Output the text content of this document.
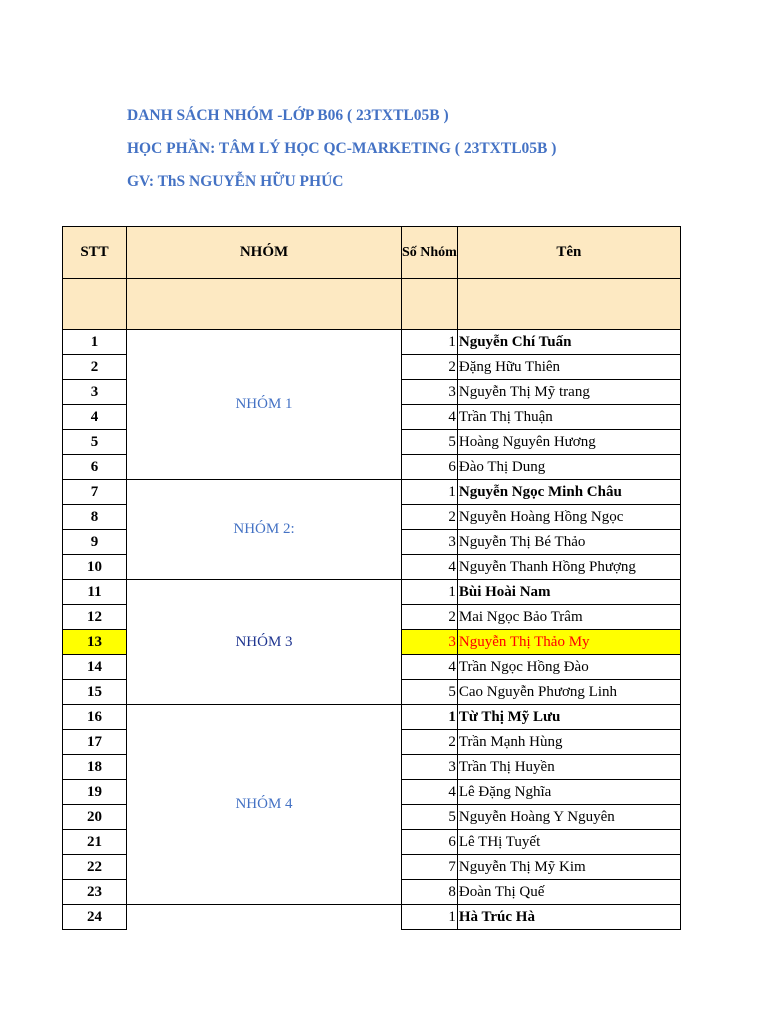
DANH SÁCH NHÓM -LỚP B06 ( 23TXTL05B )
HỌC PHẦN: TÂM LÝ HỌC QC-MARKETING ( 23TXTL05B )
GV: ThS NGUYỄN HỮU PHÚC
STT	NHÓM	Số Nhóm	Tên

1	NHÓM 1	1	Nguyễn Chí Tuấn
2		2	Đặng Hữu Thiên
3		3	Nguyễn Thị Mỹ trang
4		4	Trần Thị Thuận
5		5	Hoàng Nguyên Hương
6		6	Đào Thị Dung
7	NHÓM 2:	1	Nguyễn Ngọc Minh Châu
8		2	Nguyễn Hoàng Hồng Ngọc
9		3	Nguyễn Thị Bé Thảo
10		4	Nguyễn Thanh Hồng Phượng
11	NHÓM 3	1	Bùi Hoài Nam
12		2	Mai Ngọc Bảo Trâm
13		3	Nguyễn Thị Thảo My
14		4	Trần Ngọc Hồng Đào
15		5	Cao Nguyễn Phương Linh
16	NHÓM 4	1	Từ Thị Mỹ Lưu
17		2	Trần Mạnh Hùng
18		3	Trần Thị Huyền
19		4	Lê Đặng Nghĩa
20		5	Nguyễn Hoàng Y Nguyên
21		6	Lê THị Tuyết
22		7	Nguyễn Thị Mỹ Kim
23		8	Đoàn Thị Quế
24		1	Hà Trúc Hà
